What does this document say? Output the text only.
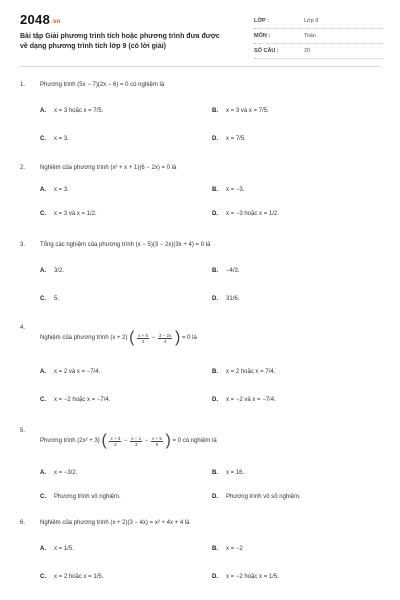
2048.vn
Bài tập Giải phương trình tích hoặc phương trình đưa được
về dạng phương trình tích lớp 9 (có lời giải)
LỚP :	Lớp 9
MÔN :	Toán
SỐ CÂU :	20
1. Phương trình (5x − 7)(2x − 6) = 0 có nghiệm là
A. x = 3 hoặc x = 7/5.	B. x = 3 và x = 7/5.
C. x = 3.	D. x = 7/5.
2. Nghiệm của phương trình (x² + x + 1)(6 − 2x) = 0 là
A. x = 3.	B. x = −3.
C. x = 3 và x = 1/2.	D. x = −3 hoặc x = 1/2.
3. Tổng các nghiệm của phương trình (x − 5)(3 − 2x)(3x + 4) = 0 là
A. 3/2.	B. −4/3.
C. 5.	D. 31/6.
4.
Nghiệm của phương trình (x + 2) ( $\frac{x + 5}{2} - \frac{3 - 2x}{4}$ ) = 0 là
A. x = 2 và x = −7/4.	B. x = 2 hoặc x = 7/4.
C. x = −2 hoặc x = −7/4.	D. x = −2 và x = −7/4.
5.
Phương trình (2x² + 3) ( $\frac{x + 3}{2} - \frac{x - 1}{3} - \frac{x + 5}{6}$ ) = 0 có nghiệm là
A. x = −3/2.	B. x = 16.
C. Phương trình vô nghiệm.	D. Phương trình vô số nghiệm.
6. Nghiệm của phương trình (x + 2)(3 − 4x) = x² + 4x + 4 là
A. x = 1/5.	B. x = −2
C. x = 2 hoặc x = 1/5.	D. x = −2 hoặc x = 1/5.
